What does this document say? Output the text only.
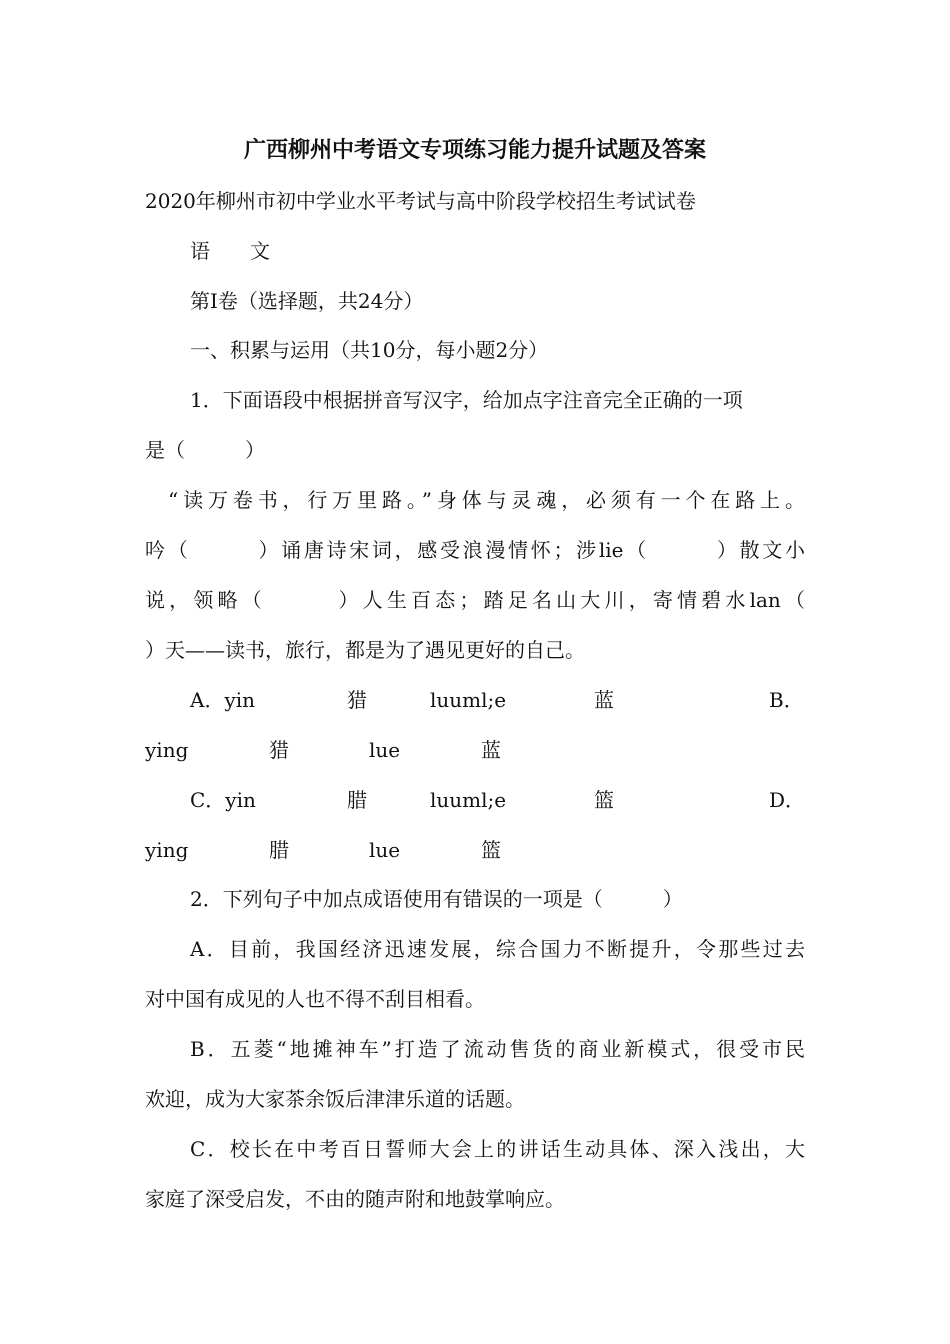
广西柳州中考语文专项练习能力提升试题及答案
2020年柳州市初中学业水平考试与高中阶段学校招生考试试卷
语　　文
第Ⅰ卷（选择题，共24分）
一、积累与运用（共10分，每小题2分）
1．下面语段中根据拼音写汉字，给加点字注音完全正确的一项
是（　　　）
“读万卷书，行万里路。”身体与灵魂，必须有一个在路上。
吟（　　　）诵唐诗宋词，感受浪漫情怀；涉lie（　　　）散文小
说，领略（　　　）人生百态；踏足名山大川，寄情碧水lan（
）天——读书，旅行，都是为了遇见更好的自己。
A．yin	猎	luuml;e	蓝	B．
ying	猎	lue	蓝
C．yin	腊	luuml;e	篮	D．
ying	腊	lue	篮
2．下列句子中加点成语使用有错误的一项是（　　　）
A．目前，我国经济迅速发展，综合国力不断提升，令那些过去
对中国有成见的人也不得不刮目相看。
B．五菱“地摊神车”打造了流动售货的商业新模式，很受市民
欢迎，成为大家茶余饭后津津乐道的话题。
C．校长在中考百日誓师大会上的讲话生动具体、深入浅出，大
家庭了深受启发，不由的随声附和地鼓掌响应。
